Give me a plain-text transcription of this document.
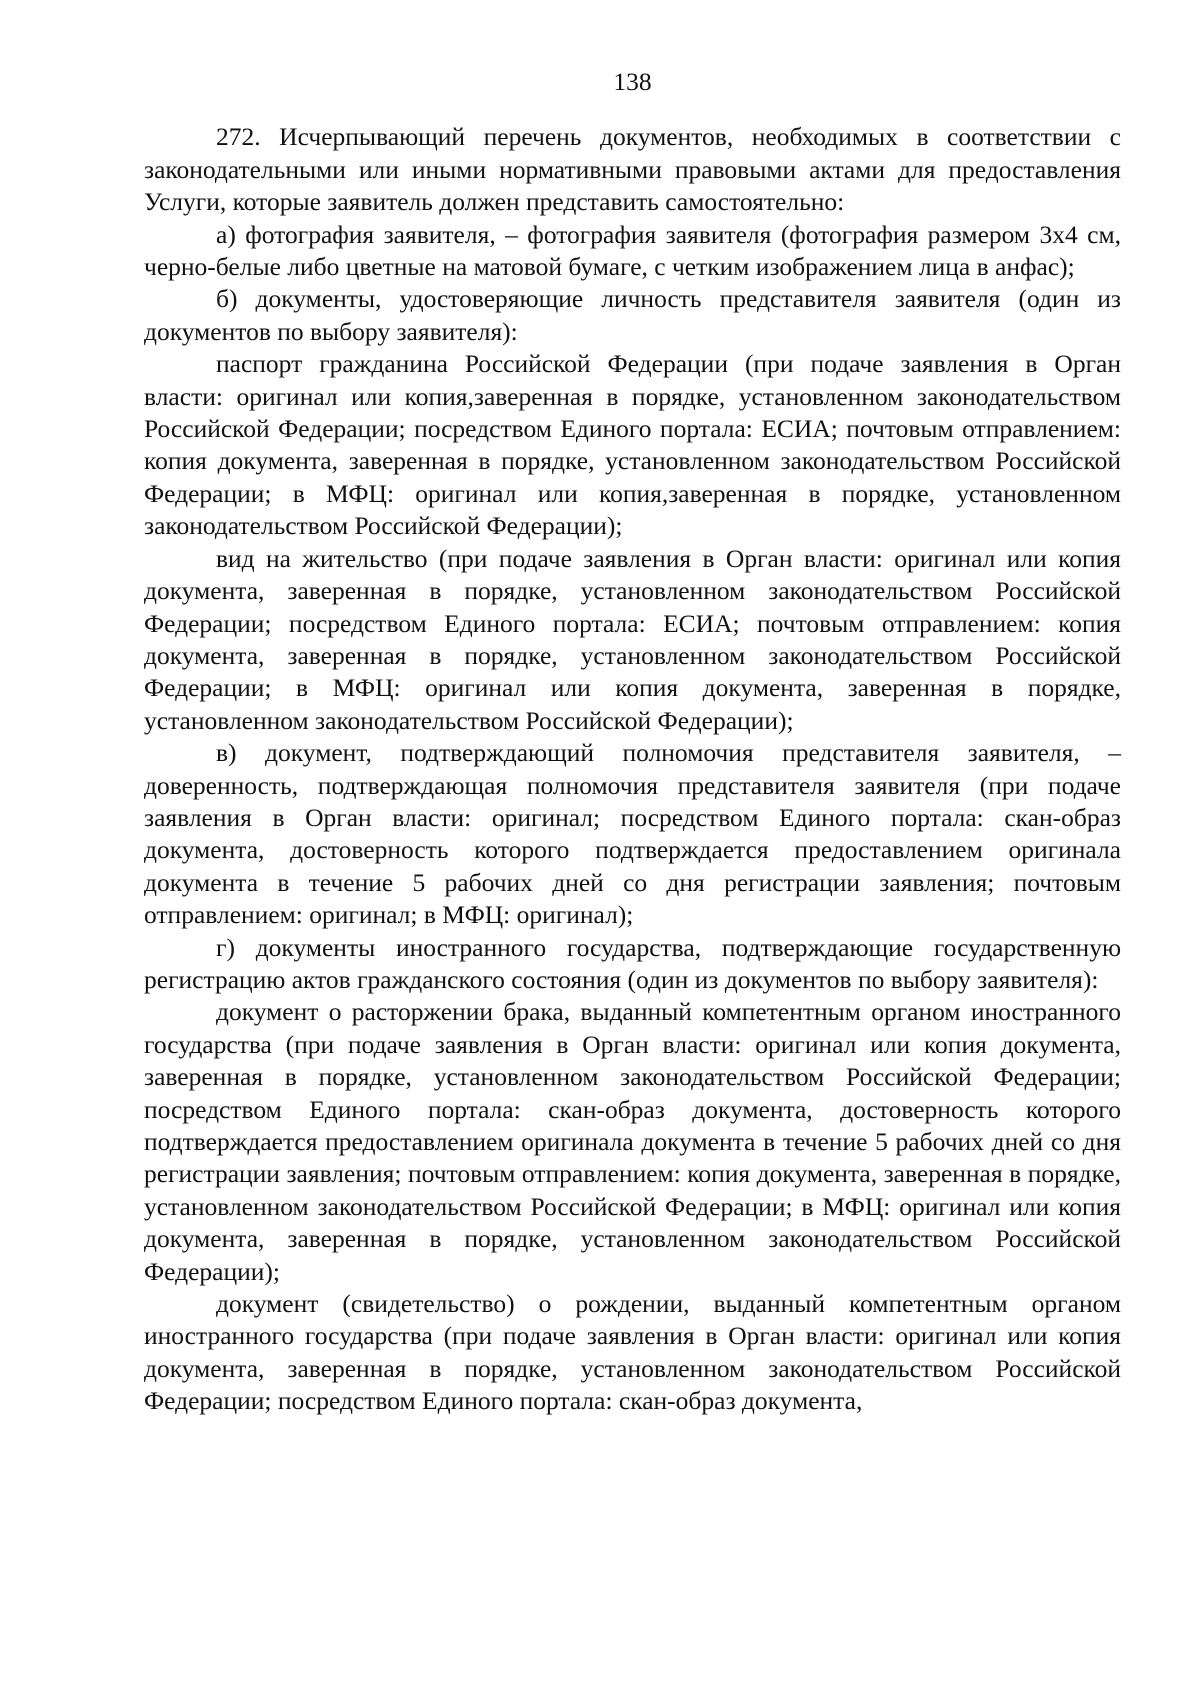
138

272. Исчерпывающий перечень документов, необходимых в соответствии с законодательными или иными нормативными правовыми актами для предоставления Услуги, которые заявитель должен представить самостоятельно:

а) фотография заявителя, – фотография заявителя (фотография размером 3x4 см, черно-белые либо цветные на матовой бумаге, с четким изображением лица в анфас);

б) документы, удостоверяющие личность представителя заявителя (один из документов по выбору заявителя):

паспорт гражданина Российской Федерации (при подаче заявления в Орган власти: оригинал или копия,заверенная в порядке, установленном законодательством Российской Федерации; посредством Единого портала: ЕСИА; почтовым отправлением: копия документа, заверенная в порядке, установленном законодательством Российской Федерации; в МФЦ: оригинал или копия,заверенная в порядке, установленном законодательством Российской Федерации);

вид на жительство (при подаче заявления в Орган власти: оригинал или копия документа, заверенная в порядке, установленном законодательством Российской Федерации; посредством Единого портала: ЕСИА; почтовым отправлением: копия документа, заверенная в порядке, установленном законодательством Российской Федерации; в МФЦ: оригинал или копия документа, заверенная в порядке, установленном законодательством Российской Федерации);

в) документ, подтверждающий полномочия представителя заявителя, – доверенность, подтверждающая полномочия представителя заявителя (при подаче заявления в Орган власти: оригинал; посредством Единого портала: скан-образ документа, достоверность которого подтверждается предоставлением оригинала документа в течение 5 рабочих дней со дня регистрации заявления; почтовым отправлением: оригинал; в МФЦ: оригинал);

г) документы иностранного государства, подтверждающие государственную регистрацию актов гражданского состояния (один из документов по выбору заявителя):

документ о расторжении брака, выданный компетентным органом иностранного государства (при подаче заявления в Орган власти: оригинал или копия документа, заверенная в порядке, установленном законодательством Российской Федерации; посредством Единого портала: скан-образ документа, достоверность которого подтверждается предоставлением оригинала документа в течение 5 рабочих дней со дня регистрации заявления; почтовым отправлением: копия документа, заверенная в порядке, установленном законодательством Российской Федерации; в МФЦ: оригинал или копия документа, заверенная в порядке, установленном законодательством Российской Федерации);

документ (свидетельство) о рождении, выданный компетентным органом иностранного государства (при подаче заявления в Орган власти: оригинал или копия документа, заверенная в порядке, установленном законодательством Российской Федерации; посредством Единого портала: скан-образ документа,
